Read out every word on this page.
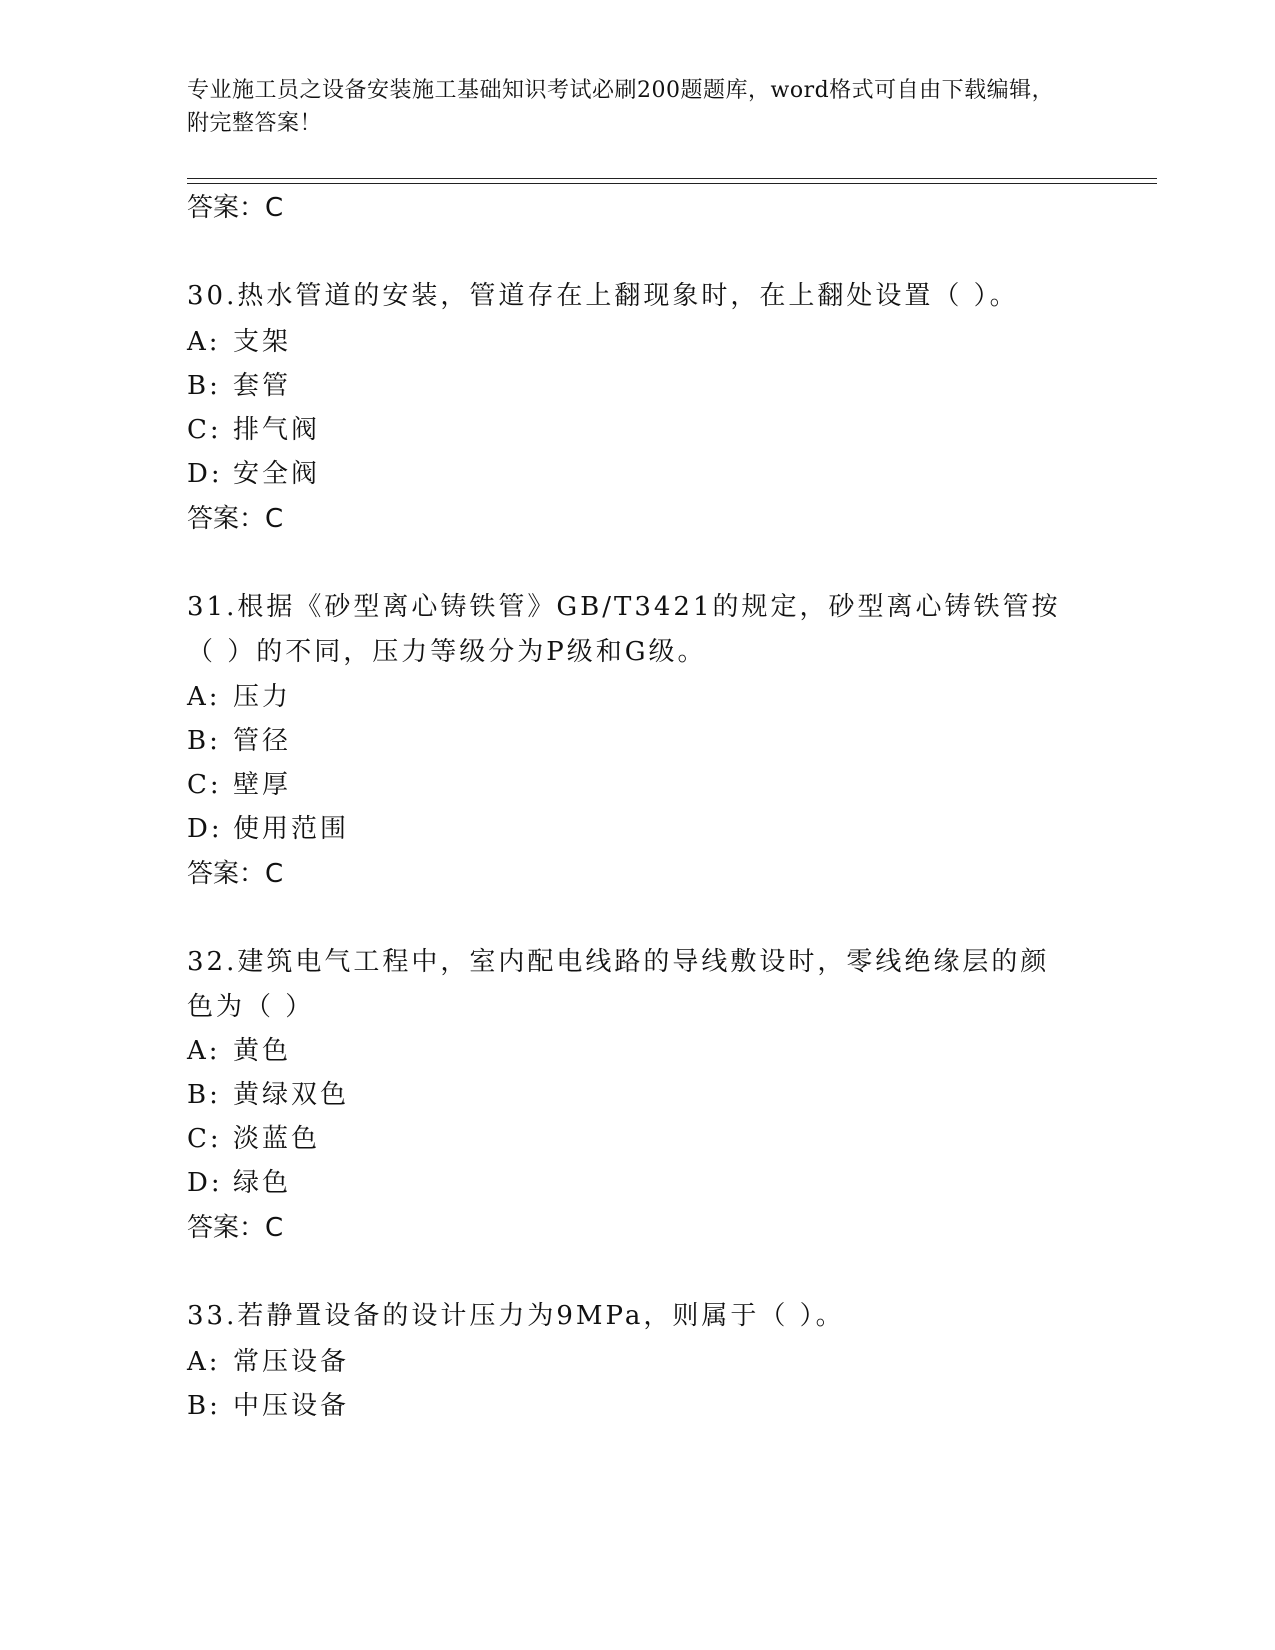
专业施工员之设备安装施工基础知识考试必刷200题题库，word格式可自由下载编辑，附完整答案！
答案：C
30.热水管道的安装，管道存在上翻现象时，在上翻处设置（ ）。
A: 支架
B: 套管
C: 排气阀
D: 安全阀
答案：C
31.根据《砂型离心铸铁管》GB/T3421的规定，砂型离心铸铁管按（ ）的不同，压力等级分为P级和G级。
A: 压力
B: 管径
C: 壁厚
D: 使用范围
答案：C
32.建筑电气工程中，室内配电线路的导线敷设时，零线绝缘层的颜色为（ ）
A: 黄色
B: 黄绿双色
C: 淡蓝色
D: 绿色
答案：C
33.若静置设备的设计压力为9MPa，则属于（ ）。
A: 常压设备
B: 中压设备
